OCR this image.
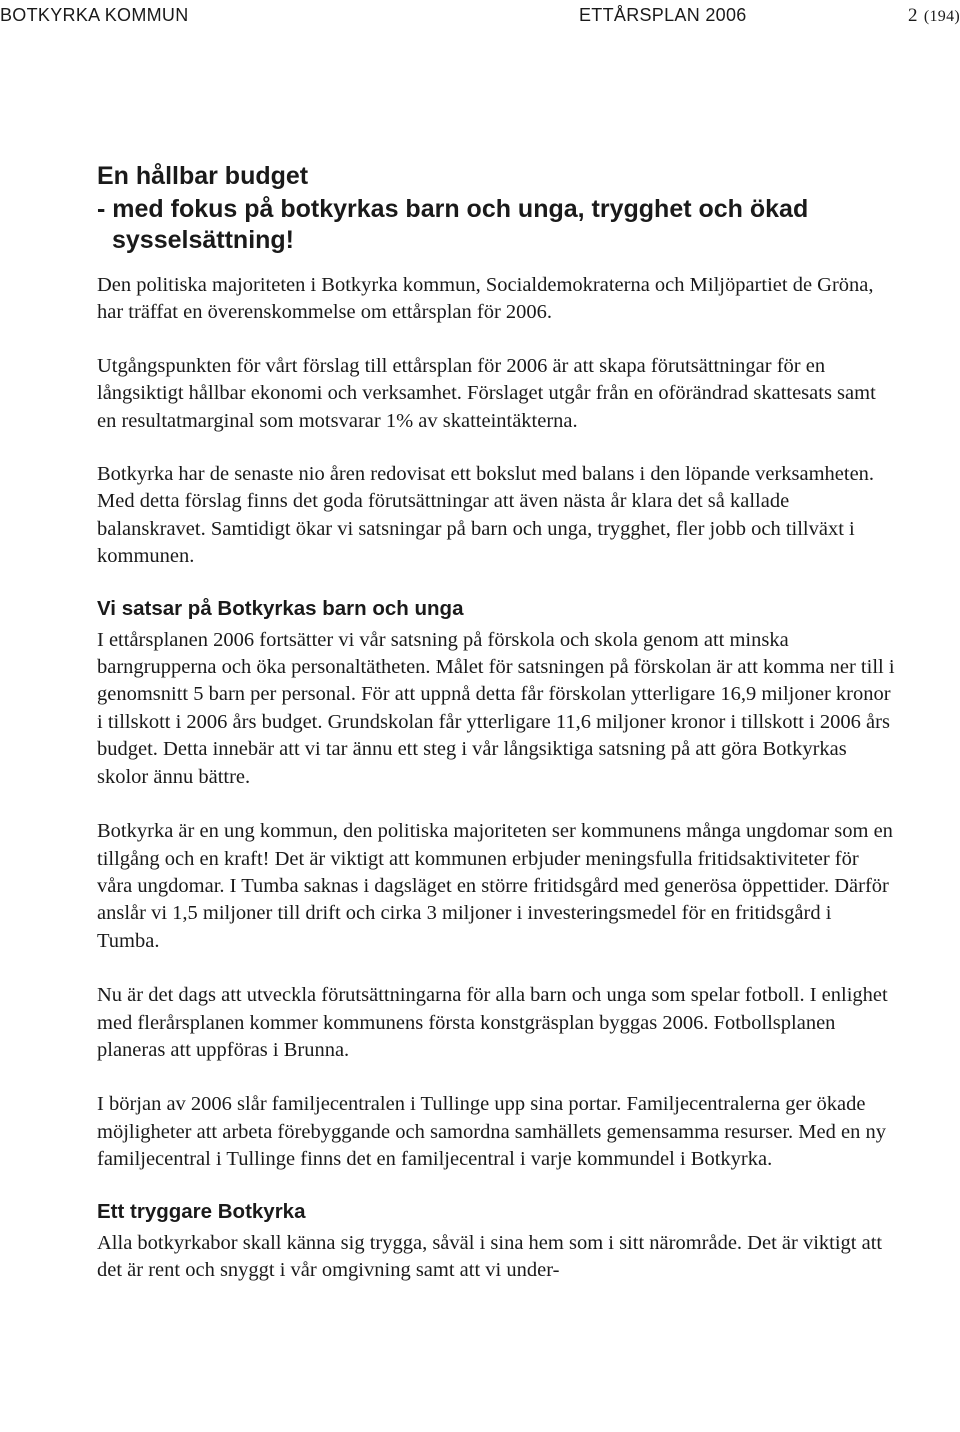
BOTKYRKA KOMMUN	ETTÅRSPLAN 2006	2 (194)
En hållbar budget
- med fokus på botkyrkas barn och unga, trygghet och ökad sysselsättning!

Den politiska majoriteten i Botkyrka kommun, Socialdemokraterna och Miljöpartiet de Gröna, har träffat en överenskommelse om ettårsplan för 2006.

Utgångspunkten för vårt förslag till ettårsplan för 2006 är att skapa förutsättningar för en långsiktigt hållbar ekonomi och verksamhet. Förslaget utgår från en oförändrad skattesats samt en resultatmarginal som motsvarar 1% av skatteintäkterna.

Botkyrka har de senaste nio åren redovisat ett bokslut med balans i den löpande verksamheten. Med detta förslag finns det goda förutsättningar att även nästa år klara det så kallade balanskravet. Samtidigt ökar vi satsningar på barn och unga, trygghet, fler jobb och tillväxt i kommunen.

Vi satsar på Botkyrkas barn och unga

I ettårsplanen 2006 fortsätter vi vår satsning på förskola och skola genom att minska barngrupperna och öka personaltätheten. Målet för satsningen på förskolan är att komma ner till i genomsnitt 5 barn per personal. För att uppnå detta får förskolan ytterligare 16,9 miljoner kronor i tillskott i 2006 års budget. Grundskolan får ytterligare 11,6 miljoner kronor i tillskott i 2006 års budget. Detta innebär att vi tar ännu ett steg i vår långsiktiga satsning på att göra Botkyrkas skolor ännu bättre.

Botkyrka är en ung kommun, den politiska majoriteten ser kommunens många ungdomar som en tillgång och en kraft! Det är viktigt att kommunen erbjuder meningsfulla fritidsaktiviteter för våra ungdomar. I Tumba saknas i dagsläget en större fritidsgård med generösa öppettider. Därför anslår vi 1,5 miljoner till drift och cirka 3 miljoner i investeringsmedel för en fritidsgård i Tumba.

Nu är det dags att utveckla förutsättningarna för alla barn och unga som spelar fotboll. I enlighet med flerårsplanen kommer kommunens första konstgräsplan byggas 2006. Fotbollsplanen planeras att uppföras i Brunna.

I början av 2006 slår familjecentralen i Tullinge upp sina portar. Familjecentralerna ger ökade möjligheter att arbeta förebyggande och samordna samhällets gemensamma resurser. Med en ny familjecentral i Tullinge finns det en familjecentral i varje kommundel i Botkyrka.

Ett tryggare Botkyrka

Alla botkyrkabor skall känna sig trygga, såväl i sina hem som i sitt närområde. Det är viktigt att det är rent och snyggt i vår omgivning samt att vi under-
